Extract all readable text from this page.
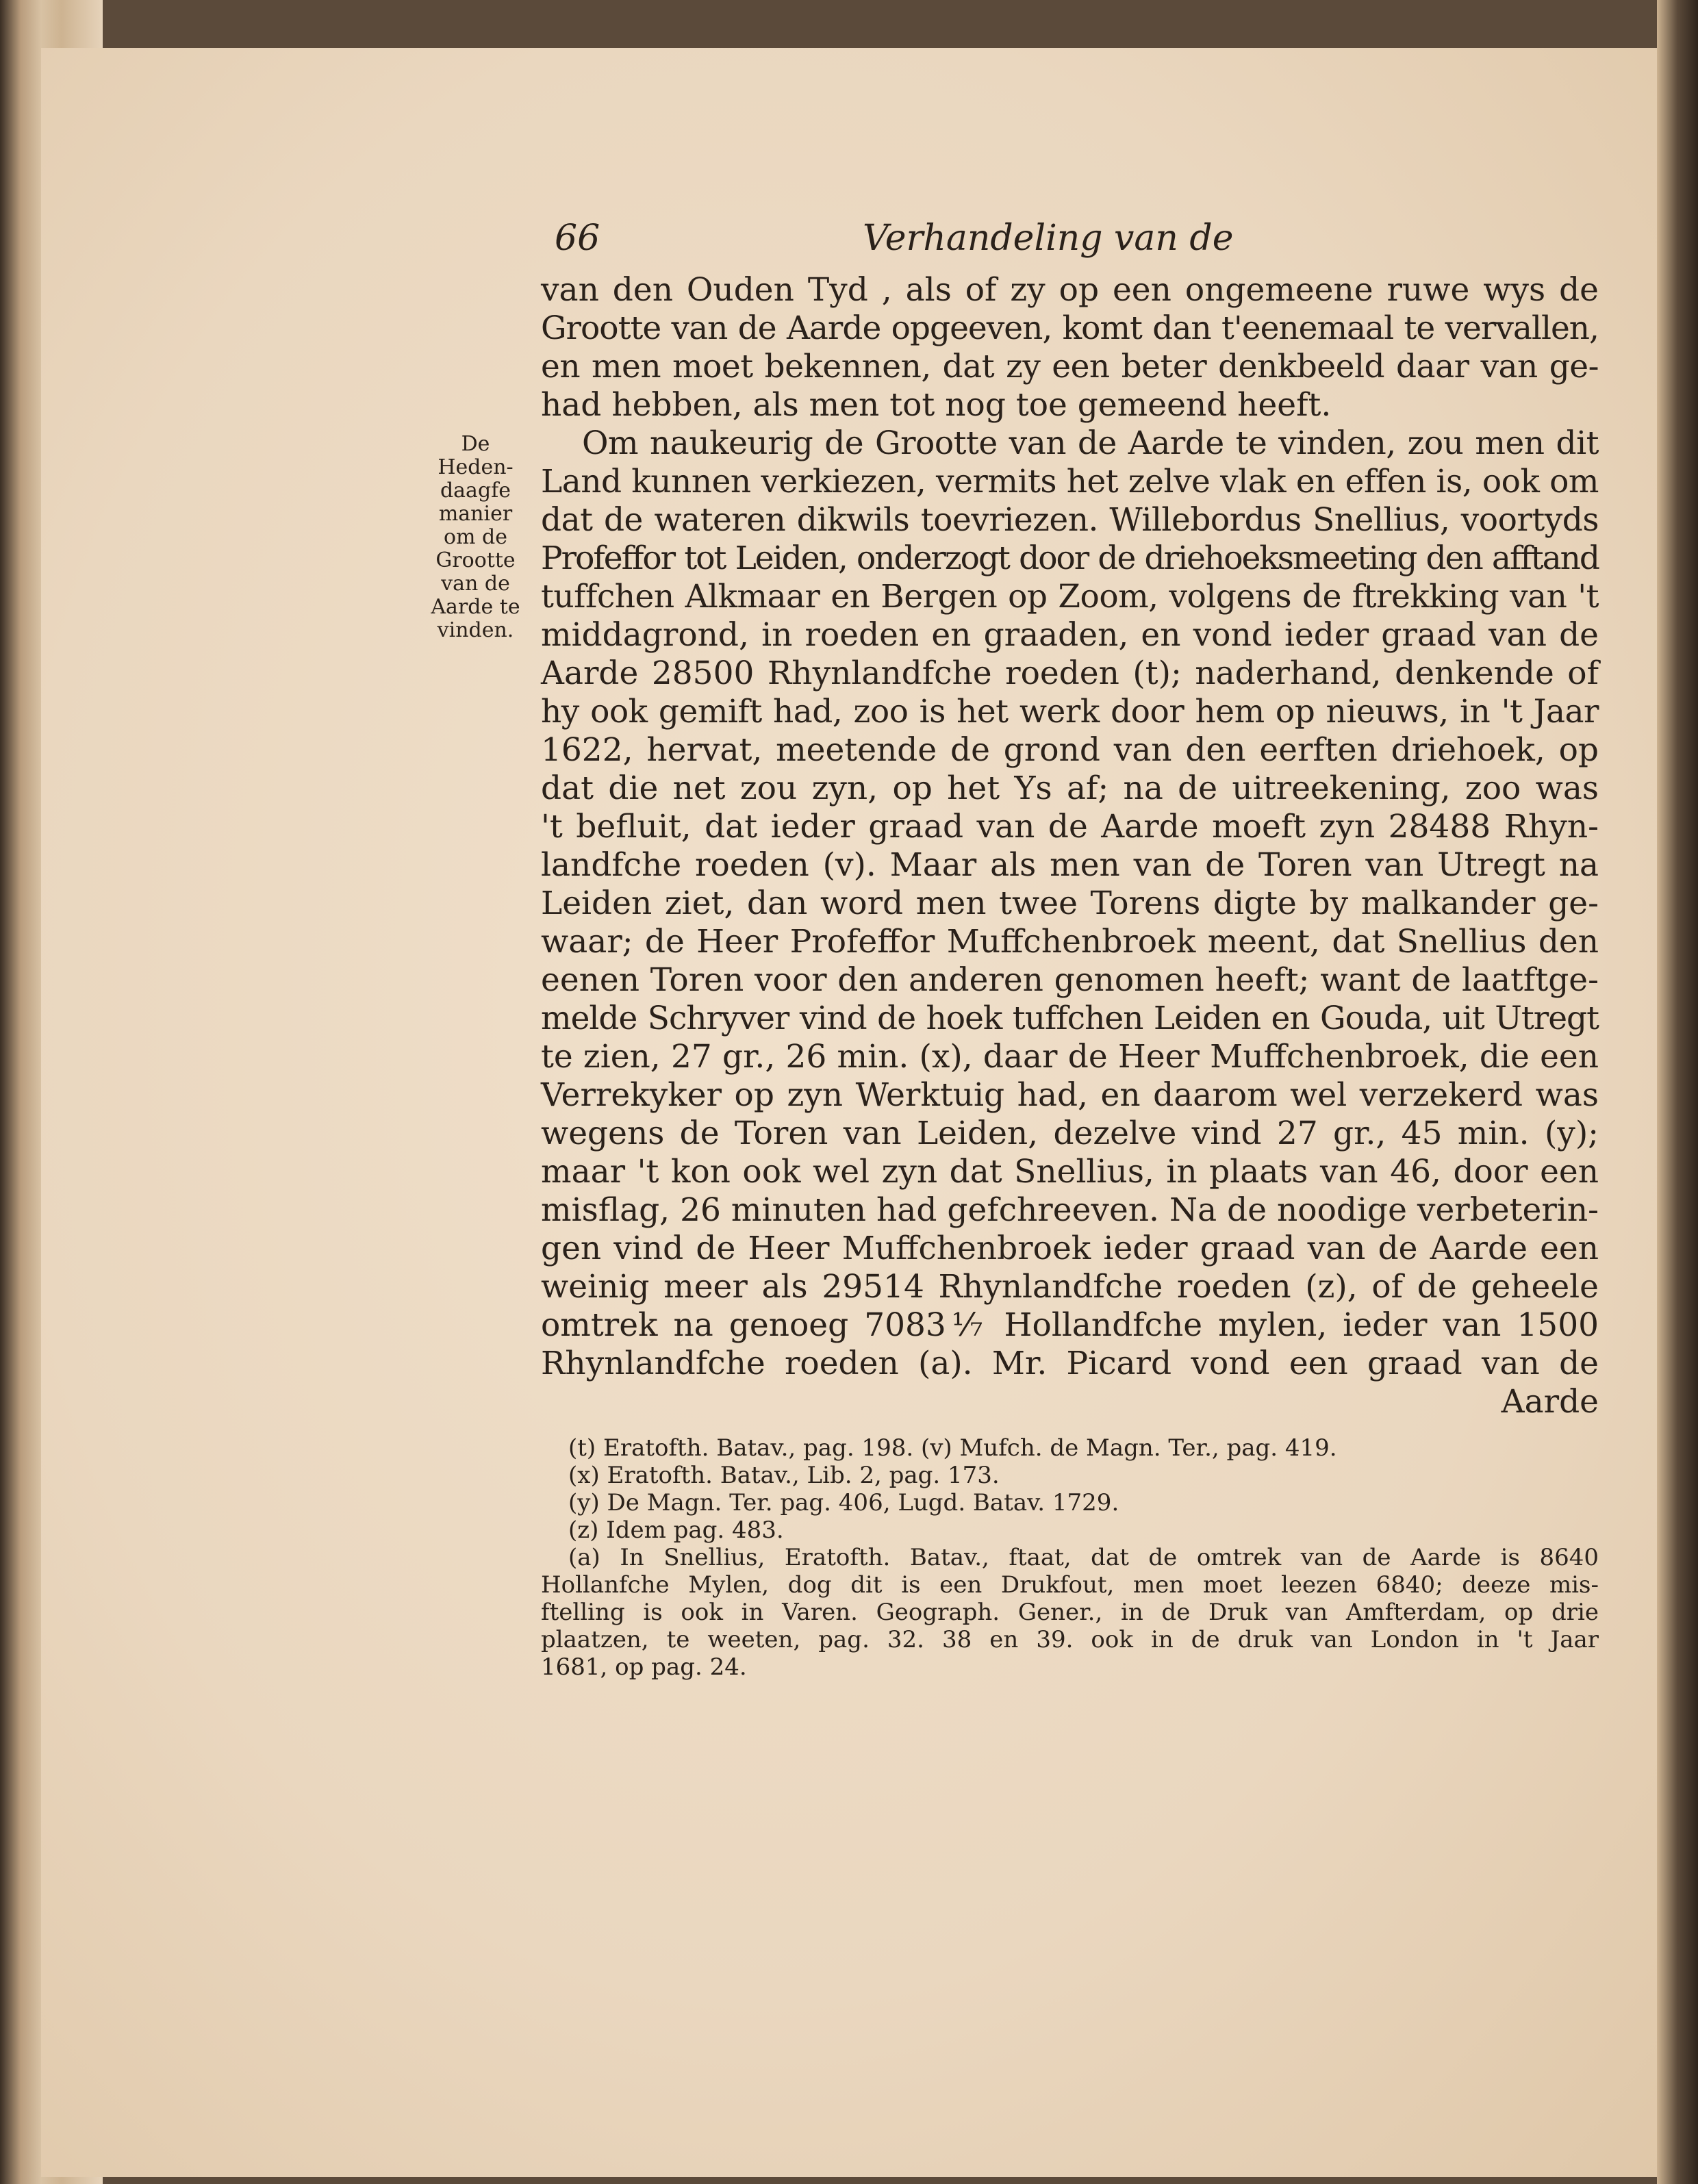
66	Verhandeling van de
De
Heden-
daagfe
manier
om de
Grootte
van de
Aarde te
vinden.
van den Ouden Tyd , als of zy op een ongemeene ruwe wys de
Grootte van de Aarde opgeeven, komt dan t'eenemaal te vervallen,
en men moet bekennen, dat zy een beter denkbeeld daar van ge-
had hebben, als men tot nog toe gemeend heeft.
Om naukeurig de Grootte van de Aarde te vinden, zou men dit
Land kunnen verkiezen, vermits het zelve vlak en effen is, ook om
dat de wateren dikwils toevriezen. Willebordus Snellius, voortyds
Profeffor tot Leiden, onderzogt door de driehoeksmeeting den afftand
tuffchen Alkmaar en Bergen op Zoom, volgens de ftrekking van 't
middagrond, in roeden en graaden, en vond ieder graad van de
Aarde 28500 Rhynlandfche roeden (t); naderhand, denkende of
hy ook gemift had, zoo is het werk door hem op nieuws, in 't Jaar
1622, hervat, meetende de grond van den eerften driehoek, op
dat die net zou zyn, op het Ys af; na de uitreekening, zoo was
't befluit, dat ieder graad van de Aarde moeft zyn 28488 Rhyn-
landfche roeden (v). Maar als men van de Toren van Utregt na
Leiden ziet, dan word men twee Torens digte by malkander ge-
waar; de Heer Profeffor Muffchenbroek meent, dat Snellius den
eenen Toren voor den anderen genomen heeft; want de laatftge-
melde Schryver vind de hoek tuffchen Leiden en Gouda, uit Utregt
te zien, 27 gr., 26 min. (x), daar de Heer Muffchenbroek, die een
Verrekyker op zyn Werktuig had, en daarom wel verzekerd was
wegens de Toren van Leiden, dezelve vind 27 gr., 45 min. (y);
maar 't kon ook wel zyn dat Snellius, in plaats van 46, door een
misflag, 26 minuten had gefchreeven. Na de noodige verbeterin-
gen vind de Heer Muffchenbroek ieder graad van de Aarde een
weinig meer als 29514 Rhynlandfche roeden (z), of de geheele
omtrek na genoeg 7083⅐ Hollandfche mylen, ieder van 1500
Rhynlandfche roeden (a). Mr. Picard vond een graad van de
Aarde
(t) Eratofth. Batav., pag. 198. (v) Mufch. de Magn. Ter., pag. 419.
(x) Eratofth. Batav., Lib. 2, pag. 173.
(y) De Magn. Ter. pag. 406, Lugd. Batav. 1729.
(z) Idem pag. 483.
(a) In Snellius, Eratofth. Batav., ftaat, dat de omtrek van de Aarde is 8640
Hollanfche Mylen, dog dit is een Drukfout, men moet leezen 6840; deeze mis-
ftelling is ook in Varen. Geograph. Gener., in de Druk van Amfterdam, op drie
plaatzen, te weeten, pag. 32. 38 en 39. ook in de druk van London in 't Jaar
1681, op pag. 24.
